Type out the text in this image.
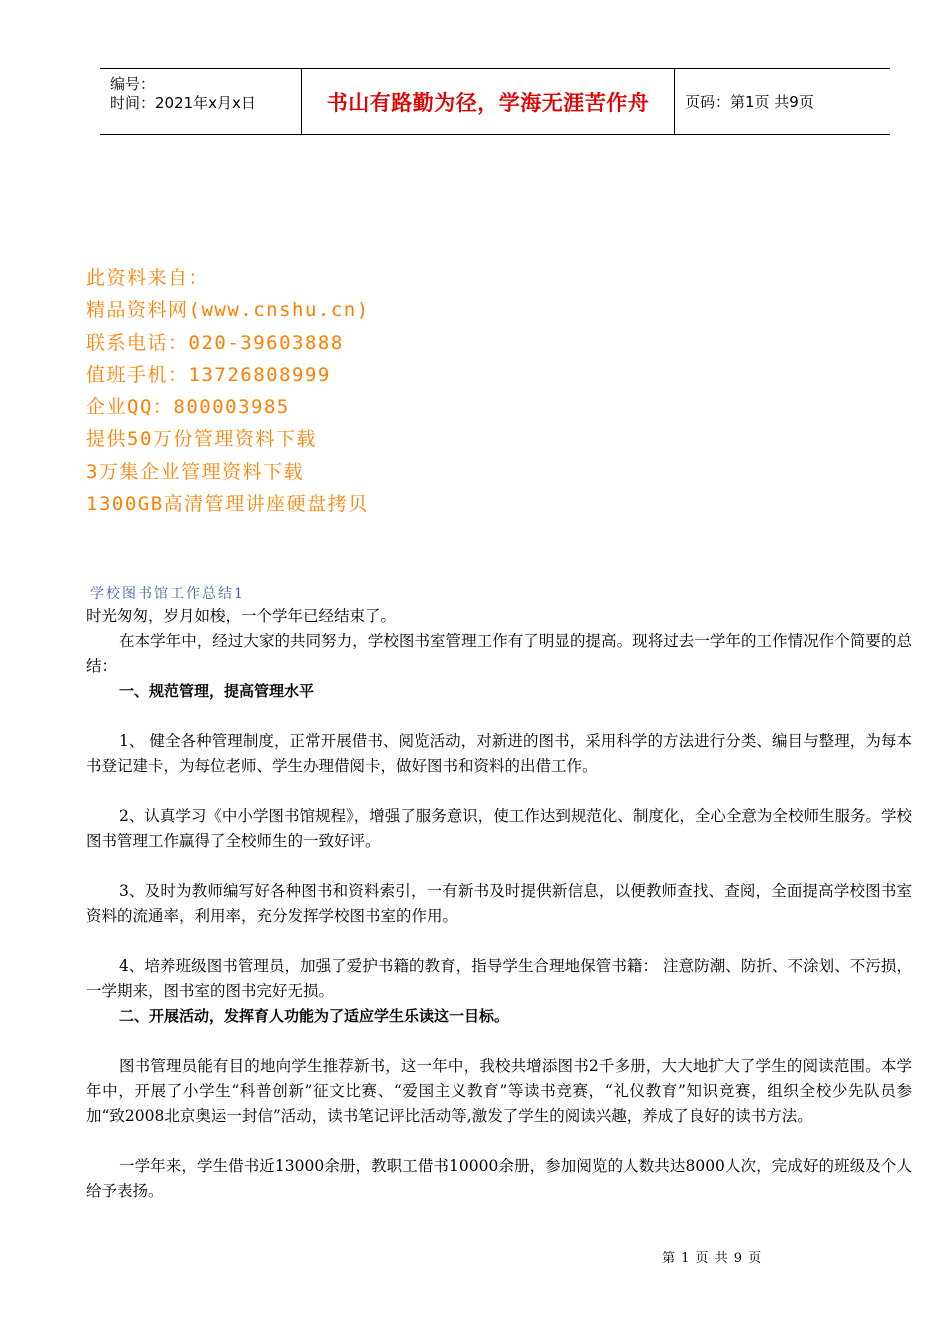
编号：
时间：2021年x月x日	书山有路勤为径，学海无涯苦作舟 页码：第1页 共9页
此资料来自：
精品资料网(www.cnshu.cn)
联系电话：020-39603888
值班手机：13726808999
企业QQ：800003985
提供50万份管理资料下载
3万集企业管理资料下载
1300GB高清管理讲座硬盘拷贝
学校图书馆工作总结1

时光匆匆，岁月如梭，一个学年已经结束了。

在本学年中，经过大家的共同努力，学校图书室管理工作有了明显的提高。现将过去一学年的工作情况作个简要的总结：

一、规范管理，提高管理水平

1、 健全各种管理制度，正常开展借书、阅览活动，对新进的图书，采用科学的方法进行分类、编目与整理，为每本书登记建卡，为每位老师、学生办理借阅卡，做好图书和资料的出借工作。

2、认真学习《中小学图书馆规程》，增强了服务意识，使工作达到规范化、制度化，全心全意为全校师生服务。学校图书管理工作赢得了全校师生的一致好评。

3、及时为教师编写好各种图书和资料索引，一有新书及时提供新信息，以便教师查找、查阅，全面提高学校图书室资料的流通率，利用率，充分发挥学校图书室的作用。

4、培养班级图书管理员，加强了爱护书籍的教育，指导学生合理地保管书籍： 注意防潮、防折、不涂划、不污损，一学期来，图书室的图书完好无损。

二、开展活动，发挥育人功能为了适应学生乐读这一目标。

图书管理员能有目的地向学生推荐新书，这一年中，我校共增添图书2千多册，大大地扩大了学生的阅读范围。本学年中，开展了小学生“科普创新”征文比赛、“爱国主义教育”等读书竞赛，“礼仪教育”知识竞赛，组织全校少先队员参加“致2008北京奥运一封信”活动，读书笔记评比活动等,激发了学生的阅读兴趣，养成了良好的读书方法。

一学年来，学生借书近13000余册，教职工借书10000余册，参加阅览的人数共达8000人次，完成好的班级及个人给予表扬。

第 1 页 共 9 页
